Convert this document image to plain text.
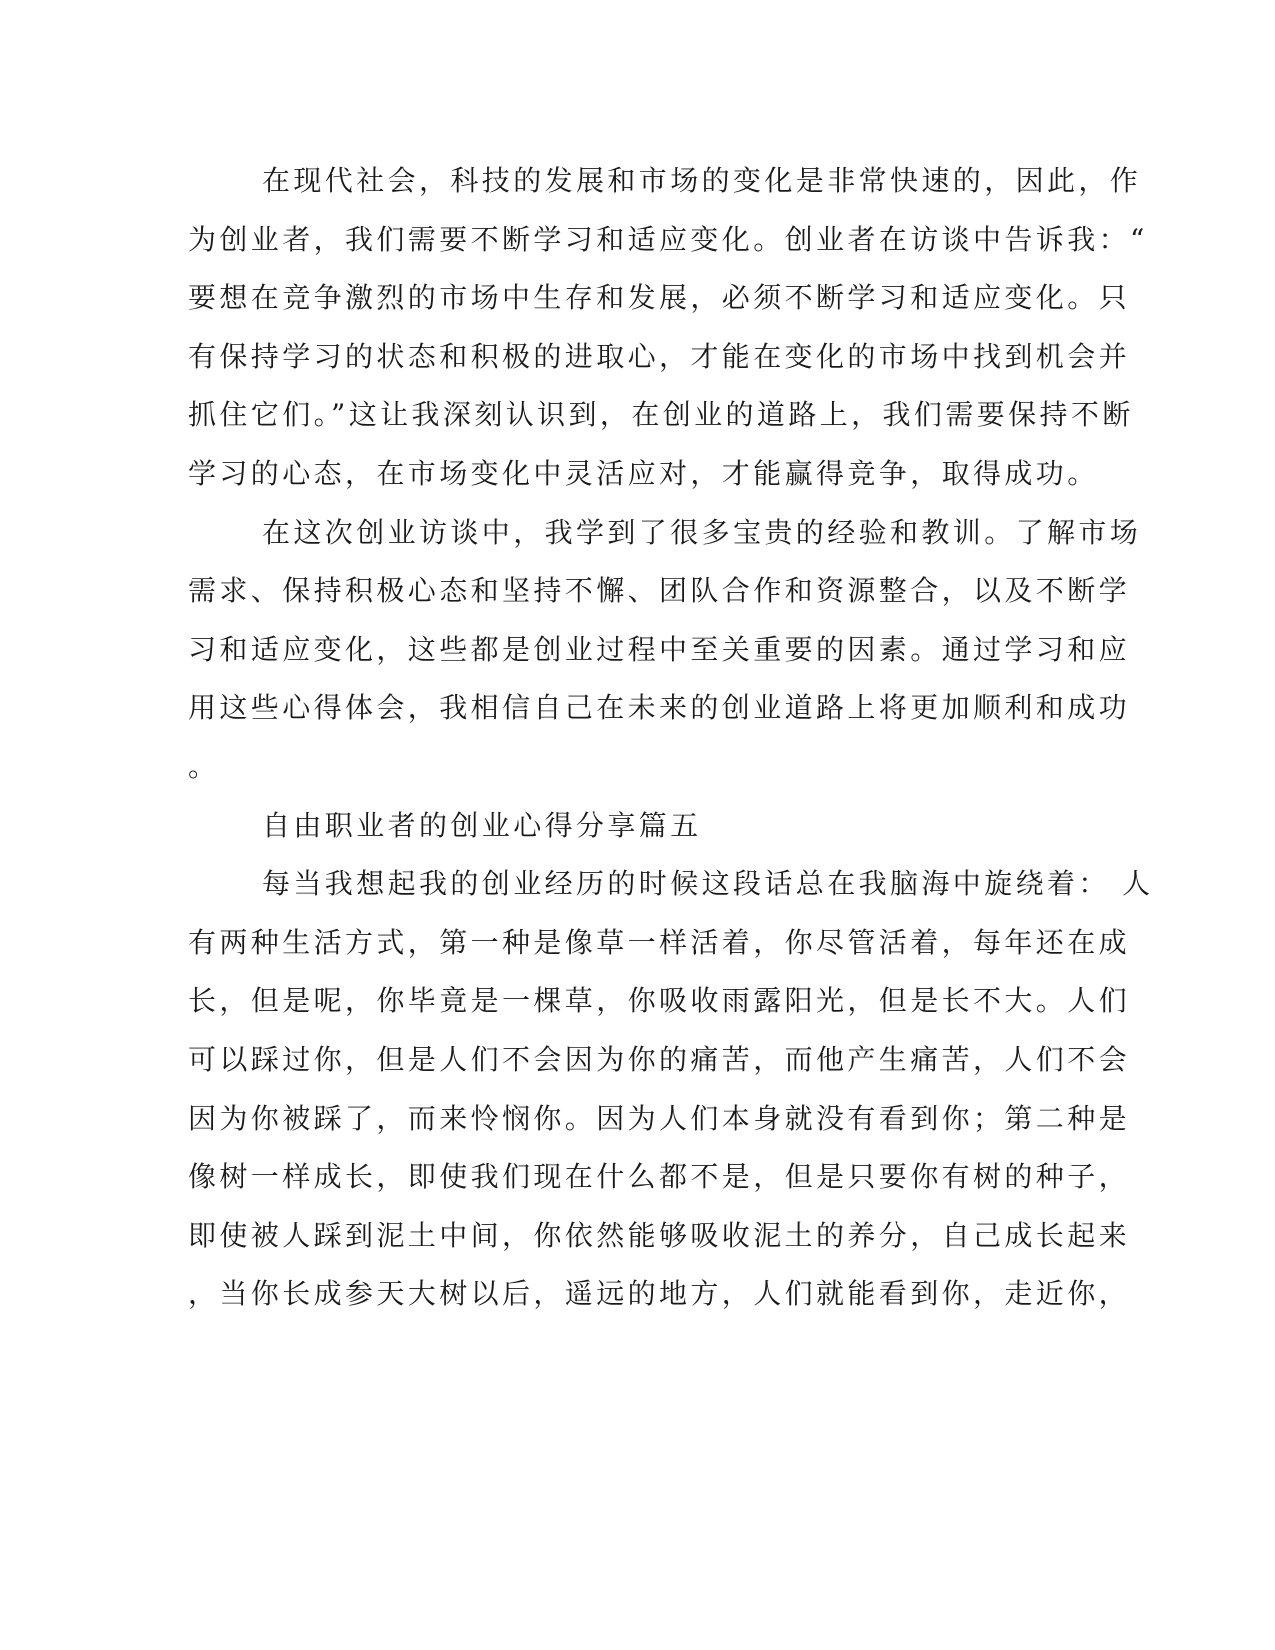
在现代社会，科技的发展和市场的变化是非常快速的，因此，作
为创业者，我们需要不断学习和适应变化。创业者在访谈中告诉我：“
要想在竞争激烈的市场中生存和发展，必须不断学习和适应变化。只
有保持学习的状态和积极的进取心，才能在变化的市场中找到机会并
抓住它们。”这让我深刻认识到，在创业的道路上，我们需要保持不断
学习的心态，在市场变化中灵活应对，才能赢得竞争，取得成功。
在这次创业访谈中，我学到了很多宝贵的经验和教训。了解市场
需求、保持积极心态和坚持不懈、团队合作和资源整合，以及不断学
习和适应变化，这些都是创业过程中至关重要的因素。通过学习和应
用这些心得体会，我相信自己在未来的创业道路上将更加顺利和成功
。
自由职业者的创业心得分享篇五
每当我想起我的创业经历的时候这段话总在我脑海中旋绕着： 人
有两种生活方式，第一种是像草一样活着，你尽管活着，每年还在成
长，但是呢，你毕竟是一棵草，你吸收雨露阳光，但是长不大。人们
可以踩过你，但是人们不会因为你的痛苦，而他产生痛苦，人们不会
因为你被踩了，而来怜悯你。因为人们本身就没有看到你；第二种是
像树一样成长，即使我们现在什么都不是，但是只要你有树的种子，
即使被人踩到泥土中间，你依然能够吸收泥土的养分，自己成长起来
，当你长成参天大树以后，遥远的地方，人们就能看到你，走近你，
